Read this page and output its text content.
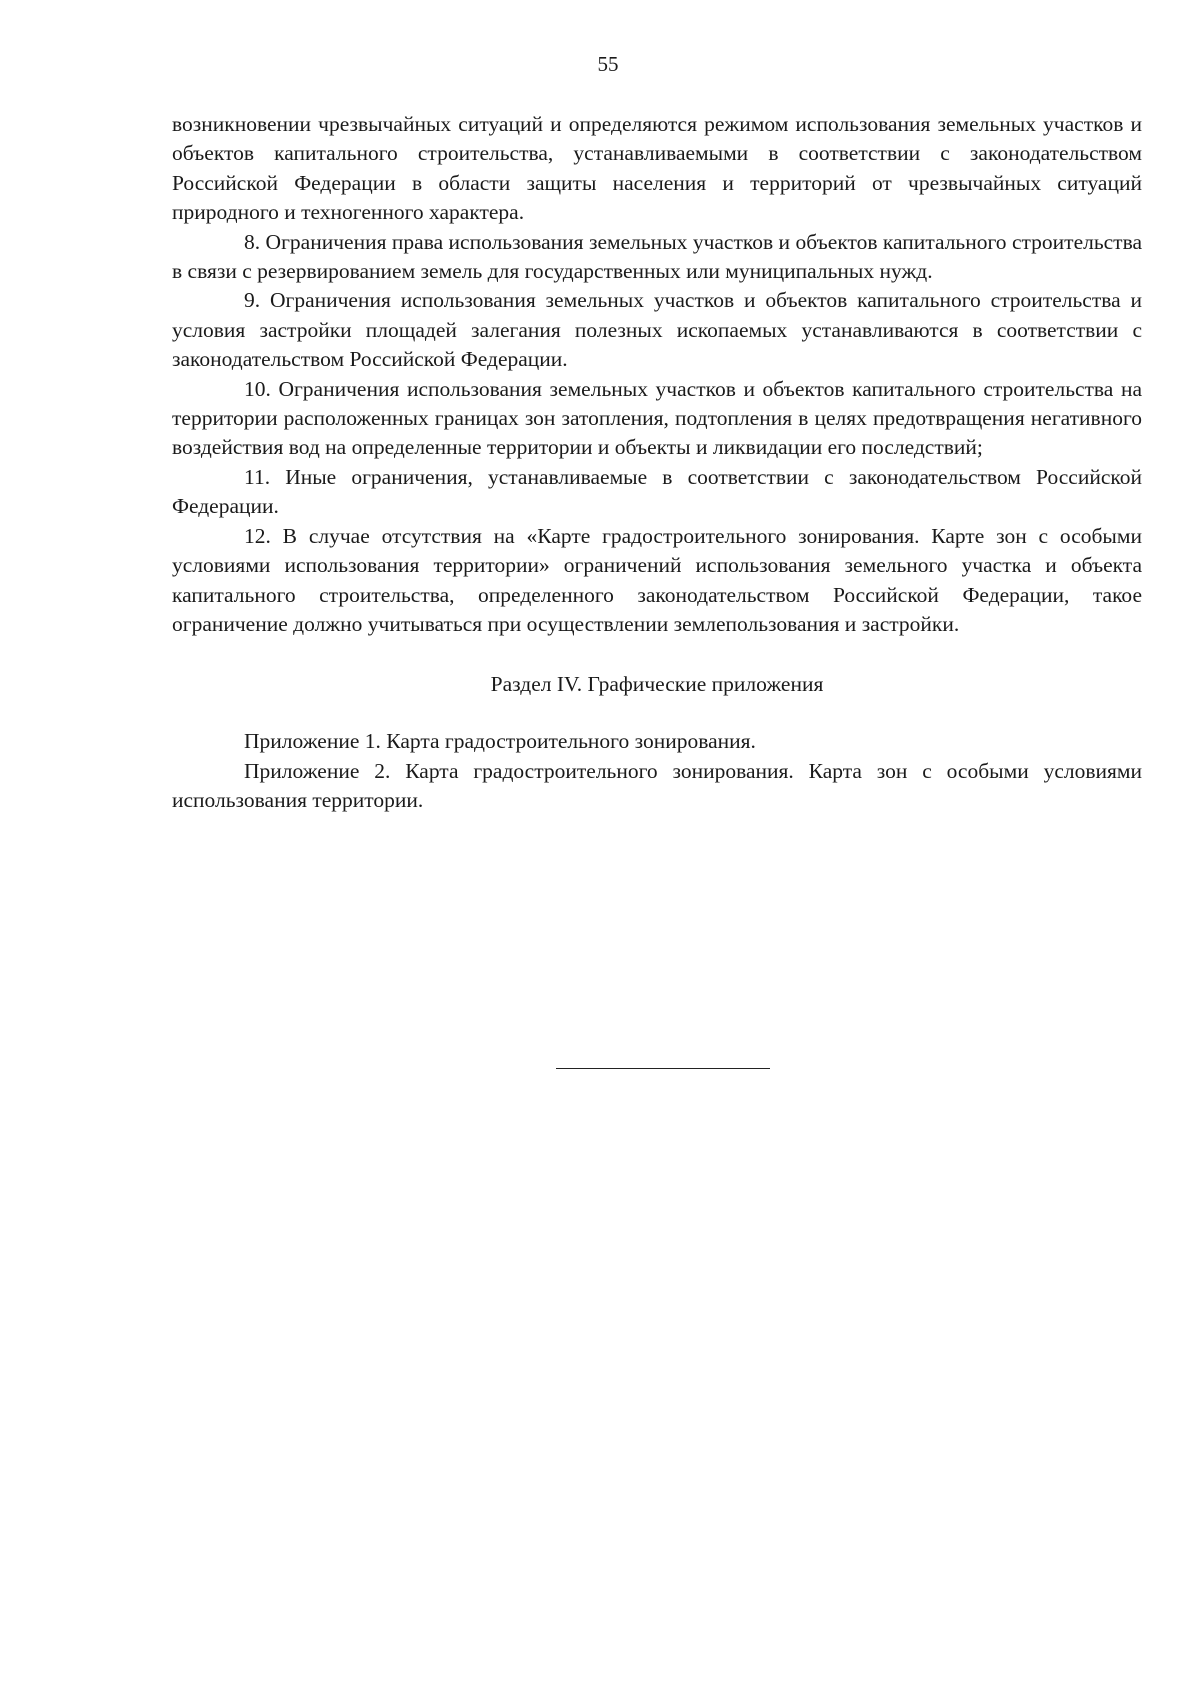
55

возникновении чрезвычайных ситуаций и определяются режимом использования земельных участков и объектов капитального строительства, устанавливаемыми в соответствии с законодательством Российской Федерации в области защиты населения и территорий от чрезвычайных ситуаций природного и техногенного характера.

8. Ограничения права использования земельных участков и объектов капитального строительства в связи с резервированием земель для государственных или муниципальных нужд.

9. Ограничения использования земельных участков и объектов капитального строительства и условия застройки площадей залегания полезных ископаемых устанавливаются в соответствии с законодательством Российской Федерации.

10. Ограничения использования земельных участков и объектов капитального строительства на территории расположенных границах зон затопления, подтопления в целях предотвращения негативного воздействия вод на определенные территории и объекты и ликвидации его последствий;

11. Иные ограничения, устанавливаемые в соответствии с законодательством Российской Федерации.

12. В случае отсутствия на «Карте градостроительного зонирования. Карте зон с особыми условиями использования территории» ограничений использования земельного участка и объекта капитального строительства, определенного законодательством Российской Федерации, такое ограничение должно учитываться при осуществлении землепользования и застройки.

Раздел IV. Графические приложения

Приложение 1. Карта градостроительного зонирования.

Приложение 2. Карта градостроительного зонирования. Карта зон с особыми условиями использования территории.
